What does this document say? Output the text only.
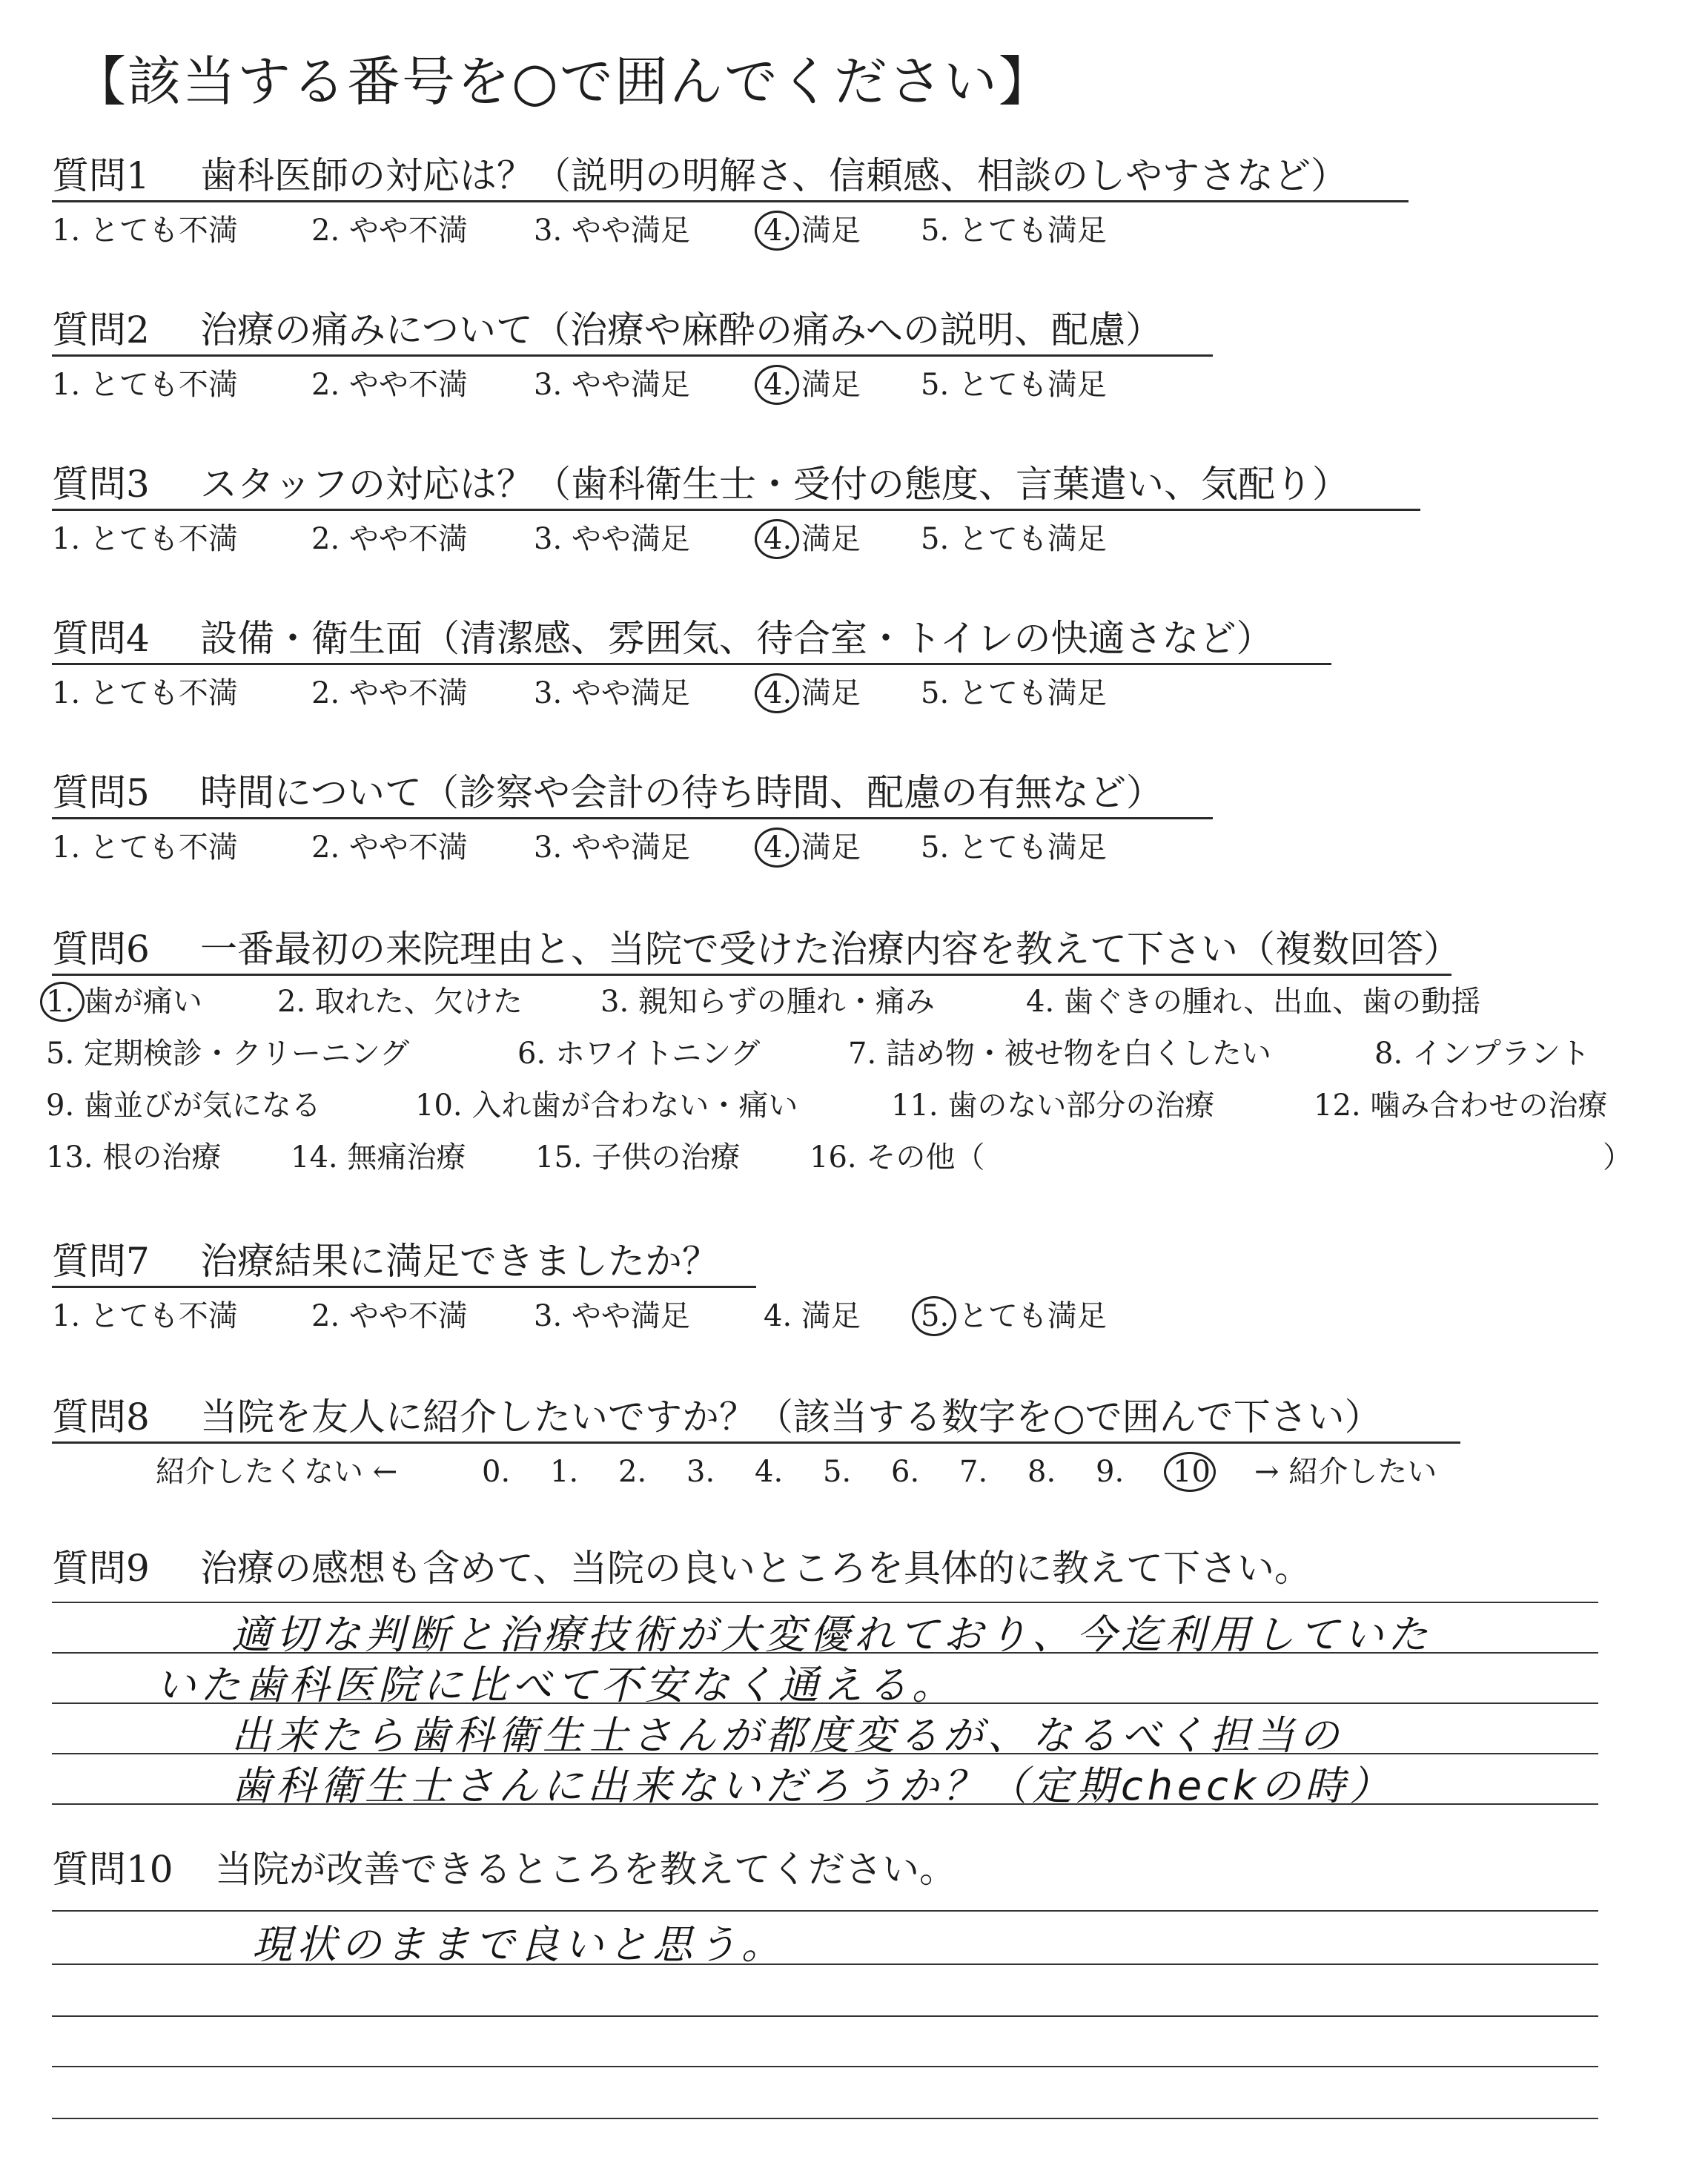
【該当する番号を○で囲んでください】
質問1 歯科医師の対応は？（説明の明解さ、信頼感、相談のしやすさなど）
1. とても不満 2. やや不満 3. やや満足 4. 満足 5. とても満足
質問2 治療の痛みについて（治療や麻酔の痛みへの説明、配慮）
1. とても不満 2. やや不満 3. やや満足 4. 満足 5. とても満足
質問3 スタッフの対応は？（歯科衛生士・受付の態度、言葉遣い、気配り）
1. とても不満 2. やや不満 3. やや満足 4. 満足 5. とても満足
質問4 設備・衛生面（清潔感、雰囲気、待合室・トイレの快適さなど）
1. とても不満 2. やや不満 3. やや満足 4. 満足 5. とても満足
質問5 時間について（診察や会計の待ち時間、配慮の有無など）
1. とても不満 2. やや不満 3. やや満足 4. 満足 5. とても満足
質問6 一番最初の来院理由と、当院で受けた治療内容を教えて下さい（複数回答）
1. 歯が痛い	2. 取れた、欠けた	3. 親知らずの腫れ・痛み	4. 歯ぐきの腫れ、出血、歯の動揺
5. 定期検診・クリーニング	6. ホワイトニング	7. 詰め物・被せ物を白くしたい	8. インプラント
9. 歯並びが気になる	10. 入れ歯が合わない・痛い	11. 歯のない部分の治療	12. 噛み合わせの治療
13. 根の治療 14. 無痛治療 15. 子供の治療 16. その他（	）
質問7 治療結果に満足できましたか？
1. とても不満 2. やや不満 3. やや満足 4. 満足 5. とても満足
質問8 当院を友人に紹介したいですか？（該当する数字を○で囲んで下さい）
紹介したくない ←	0. 1. 2. 3. 4. 5. 6. 7. 8. 9. 10 → 紹介したい
質問9 治療の感想も含めて、当院の良いところを具体的に教えて下さい。
適切な判断と治療技術が大変優れており、今迄利用していた
いた歯科医院に比べて不安なく通える。
出来たら歯科衛生士さんが都度変るが、なるべく担当の
歯科衛生士さんに出来ないだろうか？（定期checkの時）
質問10 当院が改善できるところを教えてください。
現状のままで良いと思う。
